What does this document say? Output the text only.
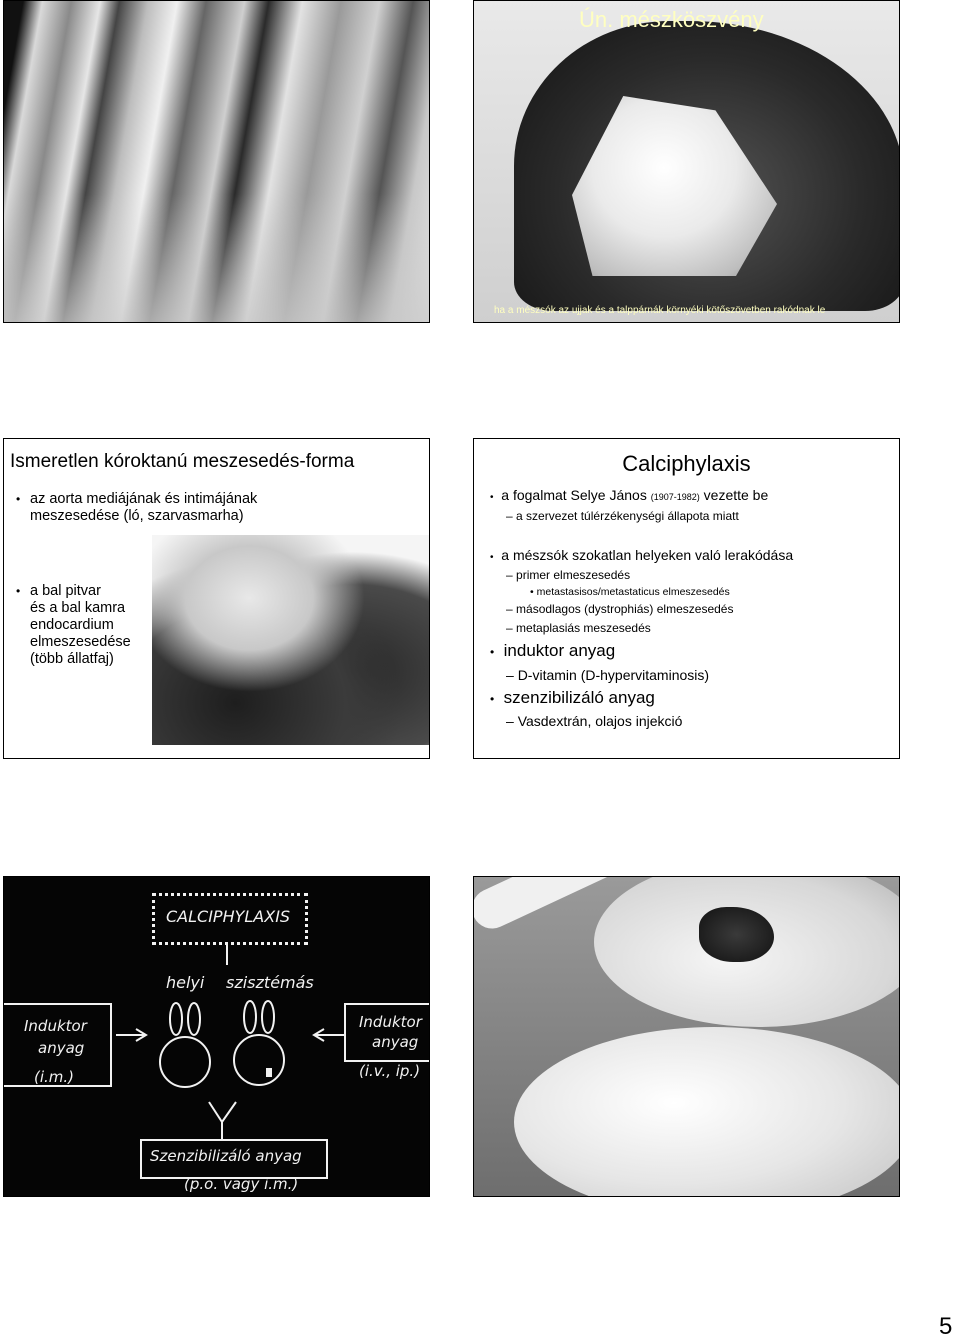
Ún. mészköszvény
ha a mészsók az ujjak és a talppárnák környéki kötőszövetben rakódnak le
Ismeretlen kóroktanú meszesedés-forma
• az aorta mediájának és intimájának
meszesedése (ló, szarvasmarha)
• a bal pitvar
és a bal kamra
endocardium
elmeszesedése
(több állatfaj)
Calciphylaxis
• a fogalmat Selye János (1907-1982) vezette be
– a szervezet túlérzékenységi állapota miatt
• a mészsók szokatlan helyeken való lerakódása
– primer elmeszesedés
• metastasisos/metastaticus elmeszesedés
– másodlagos (dystrophiás) elmeszesedés
– metaplasiás meszesedés
• induktor anyag
– D-vitamin (D-hypervitaminosis)
• szenzibilizáló anyag
– Vasdextrán, olajos injekció
CALCIPHYLAXIS
helyi szisztémás
Induktor
anyag
(i.m.)
Induktor
anyag
(i.v., ip.)
Szenzibilizáló anyag
(p.o. vagy i.m.)
5
